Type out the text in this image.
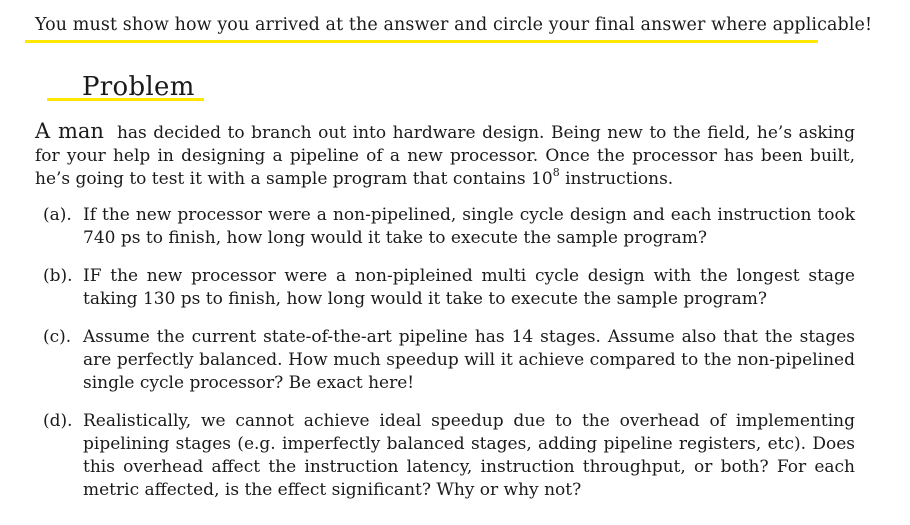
You must show how you arrived at the answer and circle your final answer where applicable!
Problem
A man has decided to branch out into hardware design. Being new to the field, he’s asking for your help in designing a pipeline of a new processor. Once the processor has been built, he’s going to test it with a sample program that contains $10^8$ instructions.
(a). If the new processor were a non-pipelined, single cycle design and each instruction took 740 ps to finish, how long would it take to execute the sample program?
(b). IF the new processor were a non-pipleined multi cycle design with the longest stage taking 130 ps to finish, how long would it take to execute the sample program?
(c). Assume the current state-of-the-art pipeline has 14 stages. Assume also that the stages are perfectly balanced. How much speedup will it achieve compared to the non-pipelined single cycle processor? Be exact here!
(d). Realistically, we cannot achieve ideal speedup due to the overhead of implementing pipelining stages (e.g. imperfectly balanced stages, adding pipeline registers, etc). Does this overhead affect the instruction latency, instruction throughput, or both? For each metric affected, is the effect significant? Why or why not?
